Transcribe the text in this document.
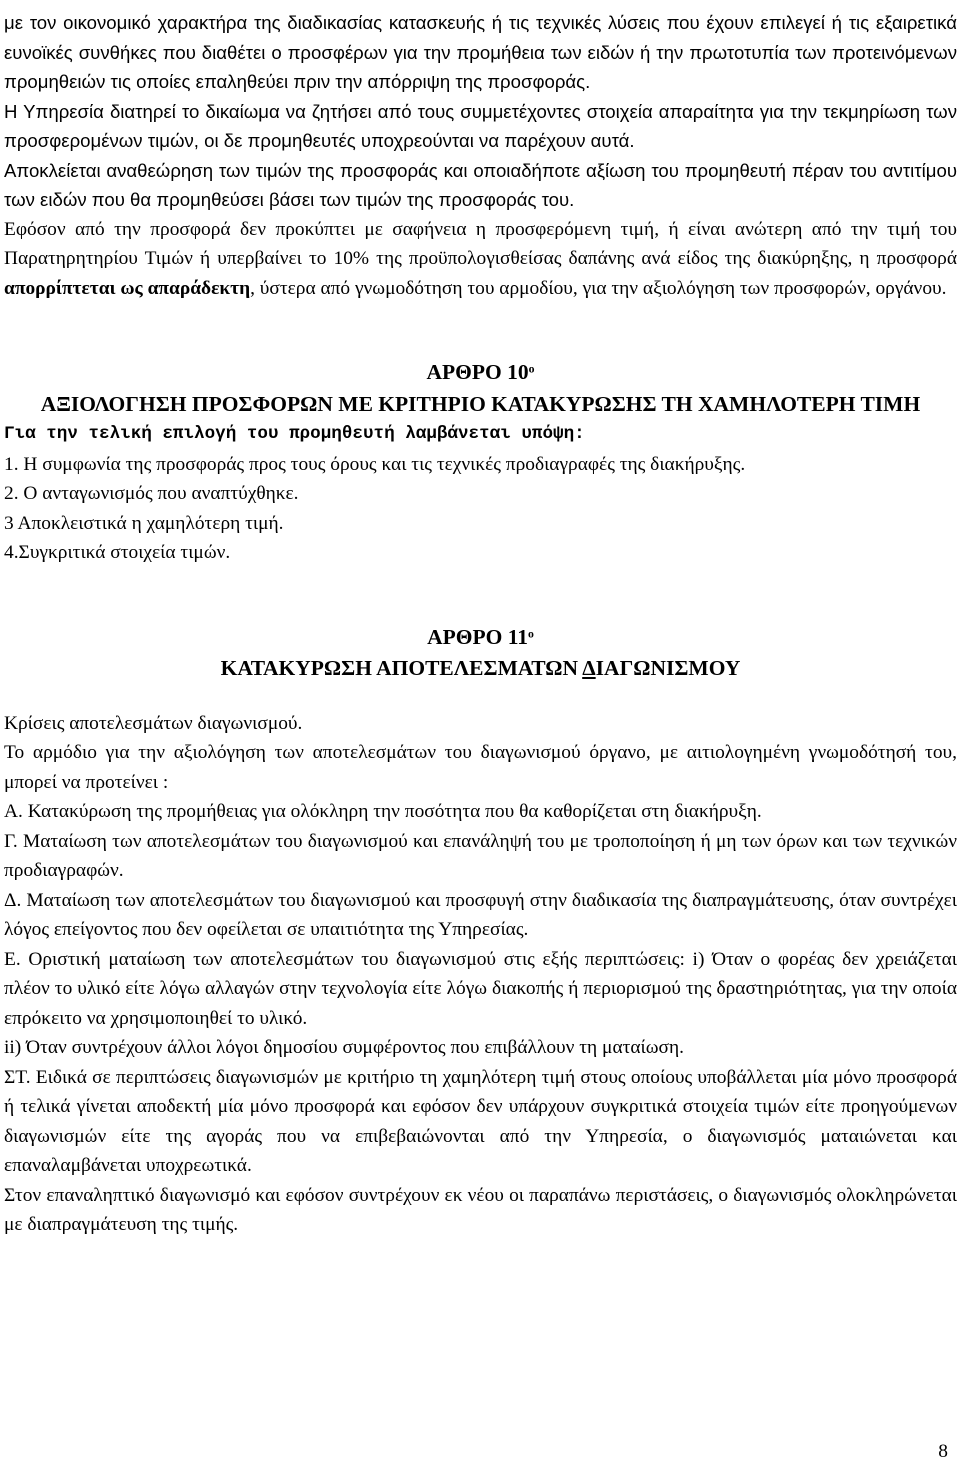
με τον οικονομικό χαρακτήρα της διαδικασίας κατασκευής ή τις τεχνικές λύσεις που έχουν επιλεγεί ή τις εξαιρετικά ευνοϊκές συνθήκες που διαθέτει ο προσφέρων για την προμήθεια των ειδών ή την πρωτοτυπία των προτεινόμενων προμηθειών τις οποίες επαληθεύει πριν την απόρριψη της προσφοράς.

Η Υπηρεσία διατηρεί το δικαίωμα να ζητήσει από τους συμμετέχοντες στοιχεία απαραίτητα για την τεκμηρίωση των προσφερομένων τιμών, οι δε προμηθευτές υποχρεούνται να παρέχουν αυτά.

Αποκλείεται αναθεώρηση των τιμών της προσφοράς και οποιαδήποτε αξίωση του προμηθευτή πέραν του αντιτίμου των ειδών που θα προμηθεύσει βάσει των τιμών της προσφοράς του.

Εφόσον από την προσφορά δεν προκύπτει με σαφήνεια η προσφερόμενη τιμή, ή είναι ανώτερη από την τιμή του Παρατηρητηρίου Τιμών ή υπερβαίνει το 10% της προϋπολογισθείσας δαπάνης ανά είδος της διακύρηξης, η προσφορά απορρίπτεται ως απαράδεκτη, ύστερα από γνωμοδότηση του αρμοδίου, για την αξιολόγηση των προσφορών, οργάνου.

ΑΡΘΡΟ $10^o$

ΑΞΙΟΛΟΓΗΣΗ ΠΡΟΣΦΟΡΩΝ ΜΕ ΚΡΙΤΗΡΙΟ ΚΑΤΑΚΥΡΩΣΗΣ ΤΗ ΧΑΜΗΛΟΤΕΡΗ ΤΙΜΗ

Για την τελική επιλογή του προμηθευτή λαμβάνεται υπόψη:

1. Η συμφωνία της προσφοράς προς τους όρους και τις τεχνικές προδιαγραφές της διακήρυξης.

2. Ο ανταγωνισμός που αναπτύχθηκε.

3 Αποκλειστικά η χαμηλότερη τιμή.

4.Συγκριτικά στοιχεία τιμών.

ΑΡΘΡΟ $11^o$

ΚΑΤΑΚΥΡΩΣΗ ΑΠΟΤΕΛΕΣΜΑΤΩΝ ΔΙΑΓΩΝΙΣΜΟΥ

Κρίσεις αποτελεσμάτων διαγωνισμού.

Το αρμόδιο για την αξιολόγηση των αποτελεσμάτων του διαγωνισμού όργανο, με αιτιολογημένη γνωμοδότησή του, μπορεί να προτείνει :

Α. Κατακύρωση της προμήθειας για ολόκληρη την ποσότητα που θα καθορίζεται στη διακήρυξη.

Γ. Ματαίωση των αποτελεσμάτων του διαγωνισμού και επανάληψή του με τροποποίηση ή μη των όρων και των τεχνικών προδιαγραφών.

Δ. Ματαίωση των αποτελεσμάτων του διαγωνισμού και προσφυγή στην διαδικασία της διαπραγμάτευσης, όταν συντρέχει λόγος επείγοντος που δεν οφείλεται σε υπαιτιότητα της Υπηρεσίας.

Ε. Οριστική ματαίωση των αποτελεσμάτων του διαγωνισμού στις εξής περιπτώσεις: i) Όταν ο φορέας δεν χρειάζεται πλέον το υλικό είτε λόγω αλλαγών στην τεχνολογία είτε λόγω διακοπής ή περιορισμού της δραστηριότητας, για την οποία επρόκειτο να χρησιμοποιηθεί το υλικό.

ii) Όταν συντρέχουν άλλοι λόγοι δημοσίου συμφέροντος που επιβάλλουν τη ματαίωση.

ΣΤ. Ειδικά σε περιπτώσεις διαγωνισμών με κριτήριο τη χαμηλότερη τιμή στους οποίους υποβάλλεται μία μόνο προσφορά ή τελικά γίνεται αποδεκτή μία μόνο προσφορά και εφόσον δεν υπάρχουν συγκριτικά στοιχεία τιμών είτε προηγούμενων διαγωνισμών είτε της αγοράς που να επιβεβαιώνονται από την Υπηρεσία, ο διαγωνισμός ματαιώνεται και επαναλαμβάνεται υποχρεωτικά.

Στον επαναληπτικό διαγωνισμό και εφόσον συντρέχουν εκ νέου οι παραπάνω περιστάσεις, ο διαγωνισμός ολοκληρώνεται με διαπραγμάτευση της τιμής.

8
